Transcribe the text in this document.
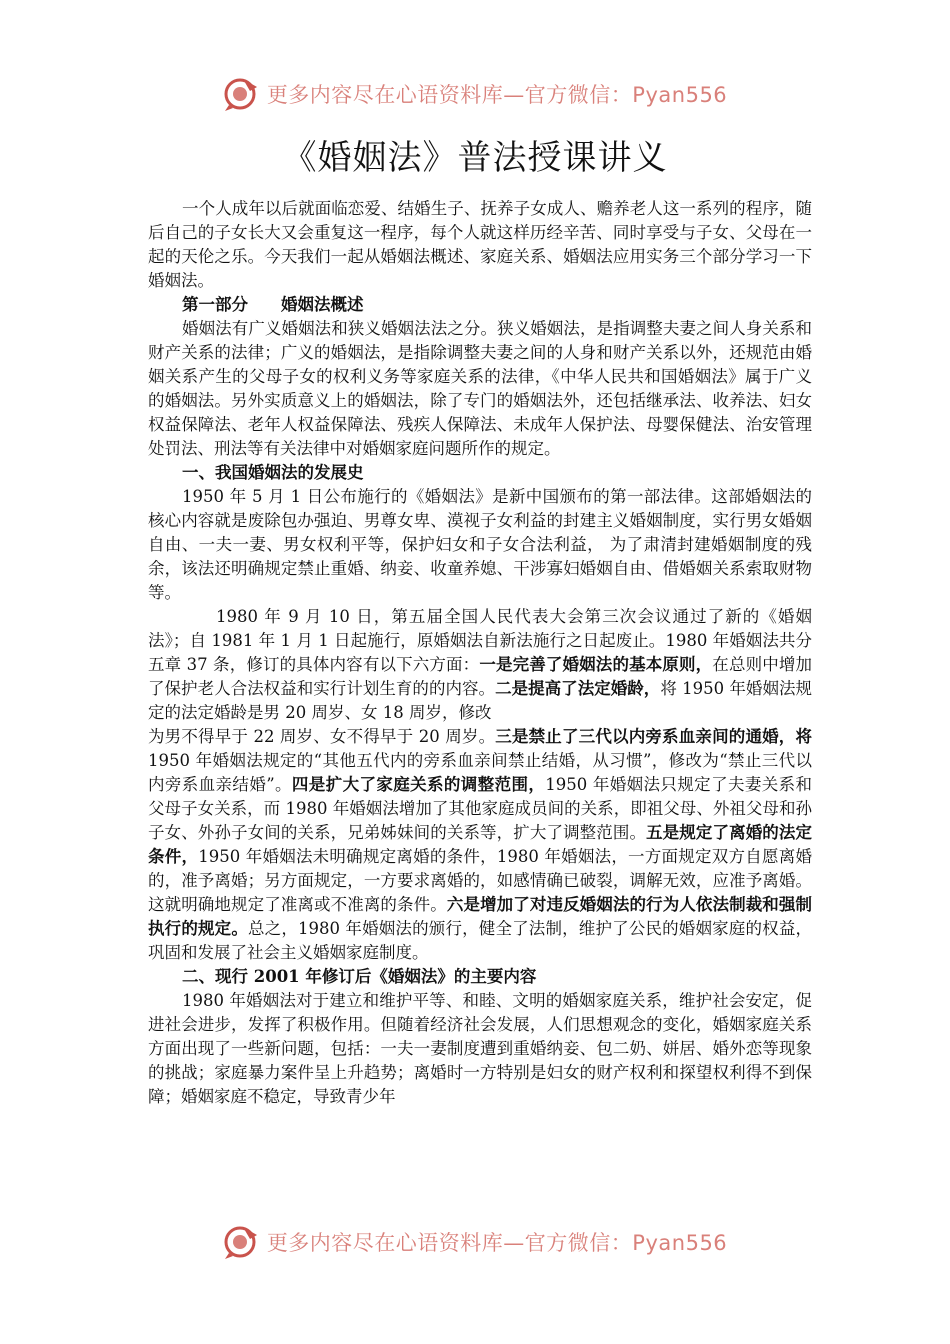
更多内容尽在心语资料库—官方微信：Pyan556
《婚姻法》普法授课讲义

一个人成年以后就面临恋爱、结婚生子、抚养子女成人、赡养老人这一系列的程序，随后自己的子女长大又会重复这一程序，每个人就这样历经辛苦、同时享受与子女、父母在一起的天伦之乐。今天我们一起从婚姻法概述、家庭关系、婚姻法应用实务三个部分学习一下婚姻法。

第一部分　　婚姻法概述

婚姻法有广义婚姻法和狭义婚姻法法之分。狭义婚姻法，是指调整夫妻之间人身关系和财产关系的法律；广义的婚姻法，是指除调整夫妻之间的人身和财产关系以外，还规范由婚姻关系产生的父母子女的权利义务等家庭关系的法律，《中华人民共和国婚姻法》属于广义的婚姻法。另外实质意义上的婚姻法，除了专门的婚姻法外，还包括继承法、收养法、妇女权益保障法、老年人权益保障法、残疾人保障法、未成年人保护法、母婴保健法、治安管理处罚法、刑法等有关法律中对婚姻家庭问题所作的规定。

一、我国婚姻法的发展史

1950 年 5 月 1 日公布施行的《婚姻法》是新中国颁布的第一部法律。这部婚姻法的核心内容就是废除包办强迫、男尊女卑、漠视子女利益的封建主义婚姻制度，实行男女婚姻自由、一夫一妻、男女权利平等，保护妇女和子女合法利益， 为了肃清封建婚姻制度的残余，该法还明确规定禁止重婚、纳妾、收童养媳、干涉寡妇婚姻自由、借婚姻关系索取财物等。

1980 年 9 月 10 日，第五届全国人民代表大会第三次会议通过了新的《婚姻法》；自 1981 年 1 月 1 日起施行，原婚姻法自新法施行之日起废止。1980 年婚姻法共分五章 37 条，修订的具体内容有以下六方面：一是完善了婚姻法的基本原则，在总则中增加了保护老人合法权益和实行计划生育的的内容。二是提高了法定婚龄，将 1950 年婚姻法规定的法定婚龄是男 20 周岁、女 18 周岁，修改

为男不得早于 22 周岁、女不得早于 20 周岁。三是禁止了三代以内旁系血亲间的通婚，将 1950 年婚姻法规定的“其他五代内的旁系血亲间禁止结婚，从习惯”，修改为“禁止三代以内旁系血亲结婚”。四是扩大了家庭关系的调整范围，1950 年婚姻法只规定了夫妻关系和父母子女关系，而 1980 年婚姻法增加了其他家庭成员间的关系，即祖父母、外祖父母和孙子女、外孙子女间的关系，兄弟姊妹间的关系等，扩大了调整范围。五是规定了离婚的法定条件，1950 年婚姻法未明确规定离婚的条件，1980 年婚姻法，一方面规定双方自愿离婚的，准予离婚；另方面规定，一方要求离婚的，如感情确已破裂，调解无效，应准予离婚。这就明确地规定了准离或不准离的条件。六是增加了对违反婚姻法的行为人依法制裁和强制执行的规定。总之，1980 年婚姻法的颁行，健全了法制，维护了公民的婚姻家庭的权益，巩固和发展了社会主义婚姻家庭制度。

二、现行 2001 年修订后《婚姻法》的主要内容

1980 年婚姻法对于建立和维护平等、和睦、文明的婚姻家庭关系，维护社会安定，促进社会进步，发挥了积极作用。但随着经济社会发展，人们思想观念的变化，婚姻家庭关系方面出现了一些新问题，包括：一夫一妻制度遭到重婚纳妾、包二奶、姘居、婚外恋等现象的挑战；家庭暴力案件呈上升趋势；离婚时一方特别是妇女的财产权利和探望权利得不到保障；婚姻家庭不稳定，导致青少年

更多内容尽在心语资料库—官方微信：Pyan556
